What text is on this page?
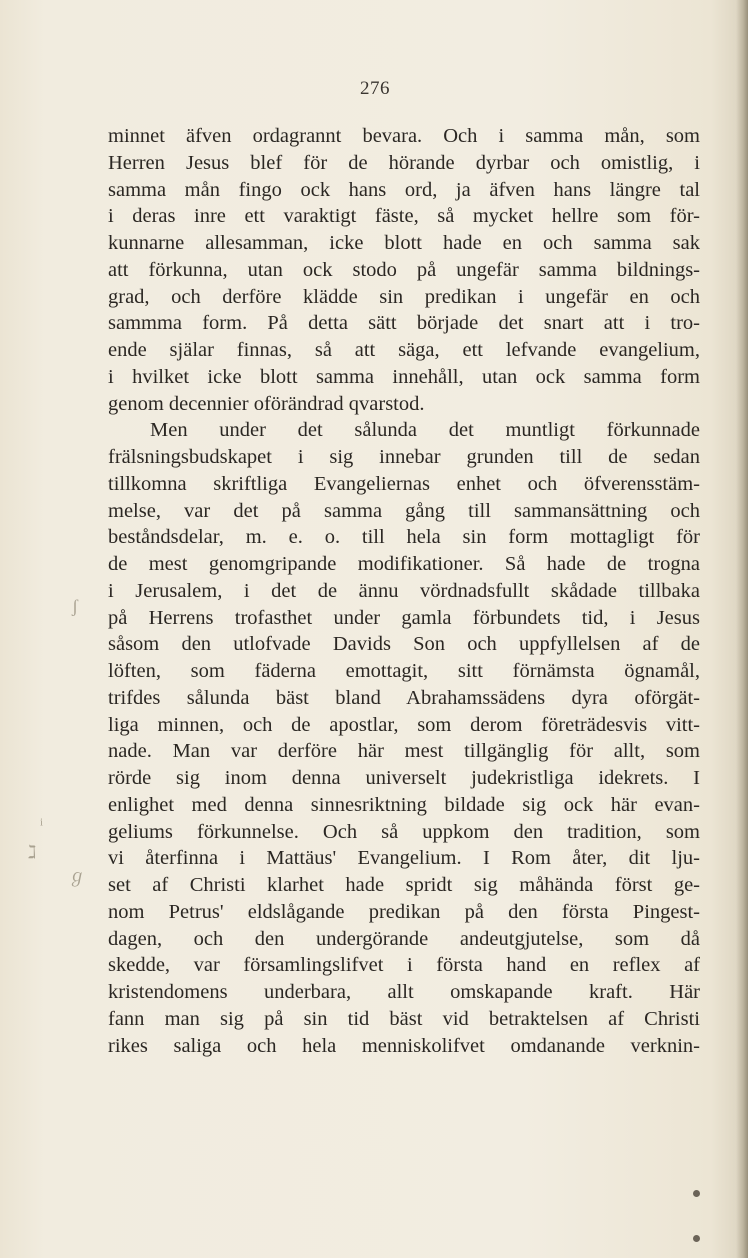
276
minnet äfven ordagrannt bevara. Och i samma mån, som
Herren Jesus blef för de hörande dyrbar och omistlig, i
samma mån fingo ock hans ord, ja äfven hans längre tal
i deras inre ett varaktigt fäste, så mycket hellre som för-
kunnarne allesamman, icke blott hade en och samma sak
att förkunna, utan ock stodo på ungefär samma bildnings-
grad, och derföre klädde sin predikan i ungefär en och
sammma form. På detta sätt började det snart att i tro-
ende själar finnas, så att säga, ett lefvande evangelium,
i hvilket icke blott samma innehåll, utan ock samma form
genom decennier oförändrad qvarstod.
Men under det sålunda det muntligt förkunnade
frälsningsbudskapet i sig innebar grunden till de sedan
tillkomna skriftliga Evangeliernas enhet och öfverensstäm-
melse, var det på samma gång till sammansättning och
beståndsdelar, m. e. o. till hela sin form mottagligt för
de mest genomgripande modifikationer. Så hade de trogna
i Jerusalem, i det de ännu vördnadsfullt skådade tillbaka
på Herrens trofasthet under gamla förbundets tid, i Jesus
såsom den utlofvade Davids Son och uppfyllelsen af de
löften, som fäderna emottagit, sitt förnämsta ögnamål,
trifdes sålunda bäst bland Abrahamssädens dyra oförgät-
liga minnen, och de apostlar, som derom företrädesvis vitt-
nade. Man var derföre här mest tillgänglig för allt, som
rörde sig inom denna universelt judekristliga idekrets. I
enlighet med denna sinnesriktning bildade sig ock här evan-
geliums förkunnelse. Och så uppkom den tradition, som
vi återfinna i Mattäus' Evangelium. I Rom åter, dit lju-
set af Christi klarhet hade spridt sig måhända först ge-
nom Petrus' eldslågande predikan på den första Pingest-
dagen, och den undergörande andeutgjutelse, som då
skedde, var församlingslifvet i första hand en reflex af
kristendomens underbara, allt omskapande kraft. Här
fann man sig på sin tid bäst vid betraktelsen af Christi
rikes saliga och hela menniskolifvet omdanande verknin-
ʃ
ᵢ
ℷ
ℊ
